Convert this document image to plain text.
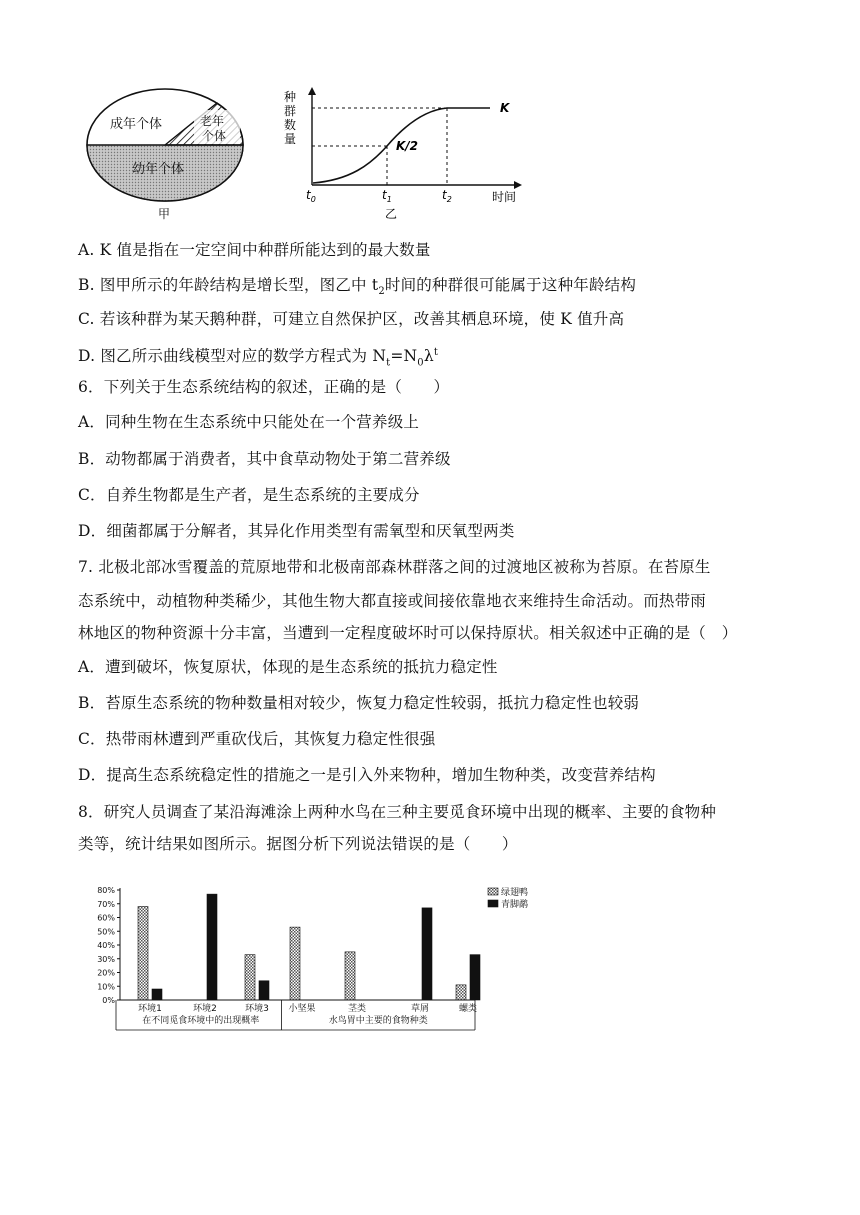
成年个体	老年
个体
幼年个体
甲
种
群
数
量
K
K/2
$t_0$	$t_1$	$t_2$	时间
乙
A. K 值是指在一定空间中种群所能达到的最大数量
B. 图甲所示的年龄结构是增长型，图乙中 $t_2$时间的种群很可能属于这种年龄结构
C. 若该种群为某天鹅种群，可建立自然保护区，改善其栖息环境，使 K 值升高
D. 图乙所示曲线模型对应的数学方程式为 $N_t=N_0\lambda^t$
6．下列关于生态系统结构的叙述，正确的是（　　）
A．同种生物在生态系统中只能处在一个营养级上
B．动物都属于消费者，其中食草动物处于第二营养级
C．自养生物都是生产者，是生态系统的主要成分
D．细菌都属于分解者，其异化作用类型有需氧型和厌氧型两类
7. 北极北部冰雪覆盖的荒原地带和北极南部森林群落之间的过渡地区被称为苔原。在苔原生
态系统中，动植物种类稀少，其他生物大都直接或间接依靠地衣来维持生命活动。而热带雨
林地区的物种资源十分丰富，当遭到一定程度破坏时可以保持原状。相关叙述中正确的是（　）
A．遭到破坏，恢复原状，体现的是生态系统的抵抗力稳定性
B．苔原生态系统的物种数量相对较少，恢复力稳定性较弱，抵抗力稳定性也较弱
C．热带雨林遭到严重砍伐后，其恢复力稳定性很强
D．提高生态系统稳定性的措施之一是引入外来物种，增加生物种类，改变营养结构
8．研究人员调查了某沿海滩涂上两种水鸟在三种主要觅食环境中出现的概率、主要的食物种
类等，统计结果如图所示。据图分析下列说法错误的是（　　）
0%
10%
20%
30%
40%
50%
60%
70%
80%
环境1	环境2	环境3 小坚果	茎类	草屑	螺类
在不同觅食环境中的出现概率	水鸟胃中主要的食物种类
绿翅鸭
青脚鹬
